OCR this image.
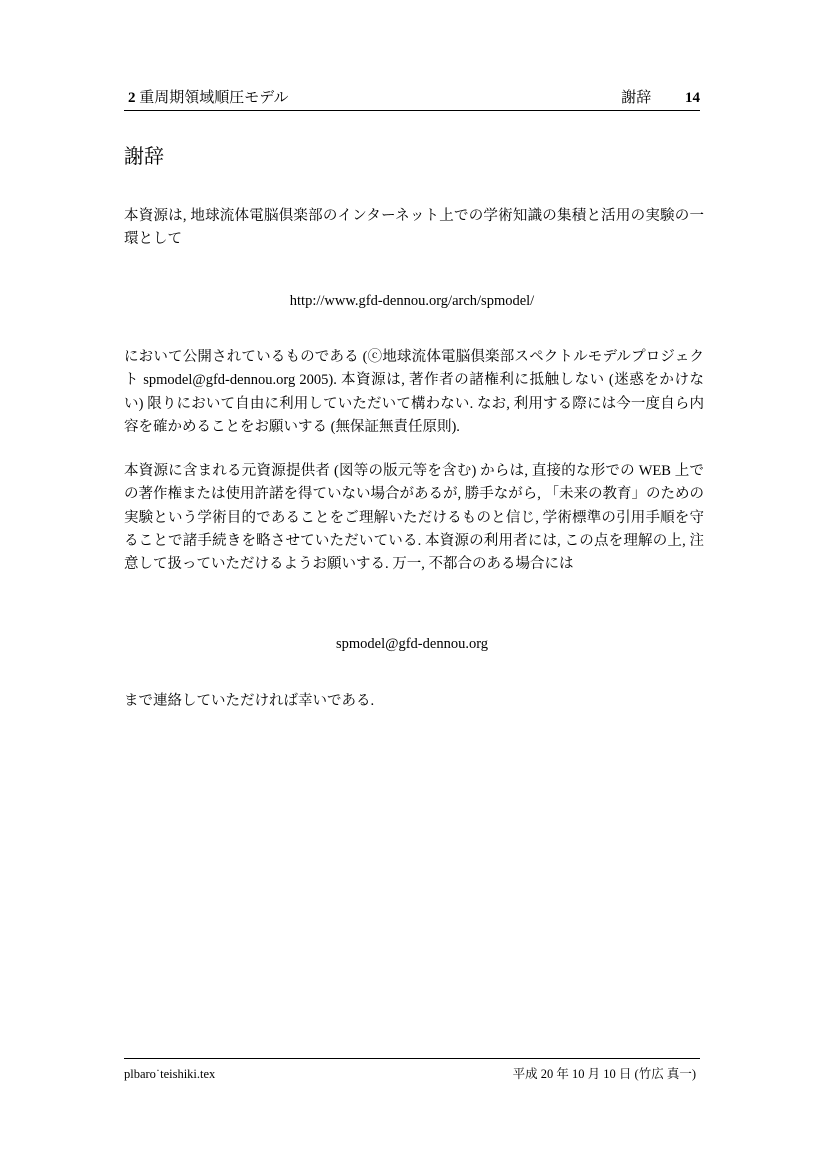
2 重周期領域順圧モデル	謝辞 14
謝辞

本資源は, 地球流体電脳倶楽部のインターネット上での学術知識の集積と活用の実験の一環として

http://www.gfd-dennou.org/arch/spmodel/

において公開されているものである (ⓒ地球流体電脳倶楽部スペクトルモデルプロジェクト spmodel@gfd-dennou.org 2005). 本資源は, 著作者の諸権利に抵触しない (迷惑をかけない) 限りにおいて自由に利用していただいて構わない. なお, 利用する際には今一度自ら内容を確かめることをお願いする (無保証無責任原則).

本資源に含まれる元資源提供者 (図等の版元等を含む) からは, 直接的な形での WEB 上での著作権または使用許諾を得ていない場合があるが, 勝手ながら, 「未来の教育」のための実験という学術目的であることをご理解いただけるものと信じ, 学術標準の引用手順を守ることで諸手続きを略させていただいている. 本資源の利用者には, この点を理解の上, 注意して扱っていただけるようお願いする. 万一, 不都合のある場合には

spmodel@gfd-dennou.org

まで連絡していただければ幸いである.

plbaro˙teishiki.tex	平成 20 年 10 月 10 日 (竹広 真一)
